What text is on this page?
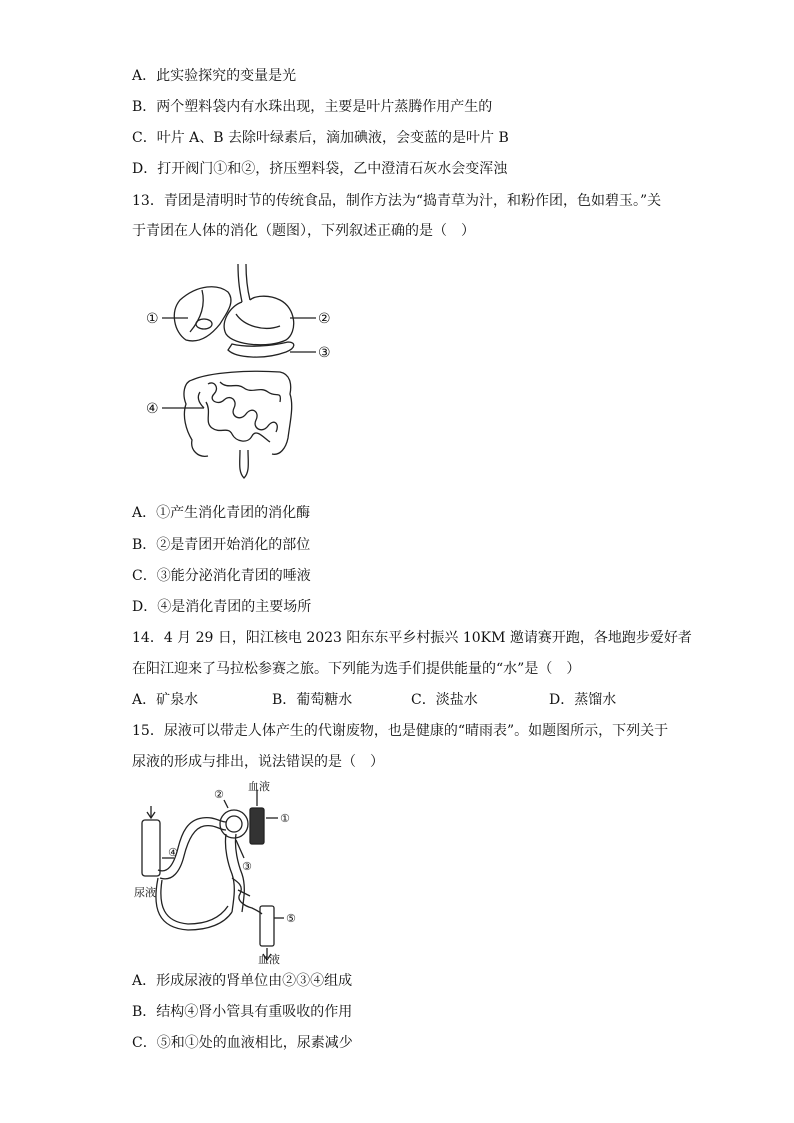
A．此实验探究的变量是光
B．两个塑料袋内有水珠出现，主要是叶片蒸腾作用产生的
C．叶片 A、B 去除叶绿素后，滴加碘液，会变蓝的是叶片 B
D．打开阀门①和②，挤压塑料袋，乙中澄清石灰水会变浑浊
13．青团是清明时节的传统食品，制作方法为“捣青草为汁，和粉作团，色如碧玉。”关
于青团在人体的消化（题图），下列叙述正确的是（　）
①	②
③
④
A．①产生消化青团的消化酶
B．②是青团开始消化的部位
C．③能分泌消化青团的唾液
D．④是消化青团的主要场所
14．4 月 29 日，阳江核电 2023 阳东东平乡村振兴 10KM 邀请赛开跑，各地跑步爱好者
在阳江迎来了马拉松参赛之旅。下列能为选手们提供能量的“水”是（　）
A．矿泉水	B．葡萄糖水	C．淡盐水	D．蒸馏水
15．尿液可以带走人体产生的代谢废物，也是健康的“晴雨表”。如题图所示，下列关于
尿液的形成与排出，说法错误的是（　）
血液
尿液
血液
①
②
③
④
⑤
A．形成尿液的肾单位由②③④组成
B．结构④肾小管具有重吸收的作用
C．⑤和①处的血液相比，尿素减少
